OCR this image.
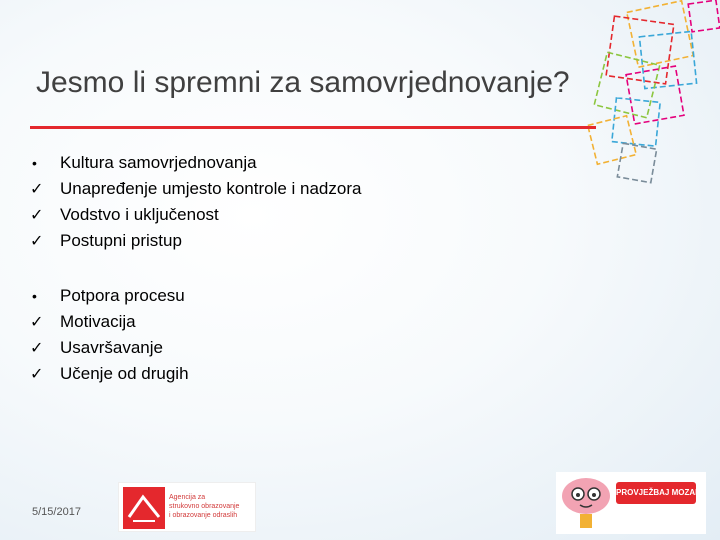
Jesmo li spremni za samovrjednovanje?
•	Kultura samovrjednovanja
✓ Unapređenje umjesto kontrole i nadzora
✓ Vodstvo i uključenost
✓ Postupni pristup
•	Potpora procesu
✓ Motivacija
✓ Usavršavanje
✓ Učenje od drugih
5/15/2017
Agencija za
strukovno obrazovanje
i obrazovanje odraslih
PROVJEŽBAJ MOZAK!
